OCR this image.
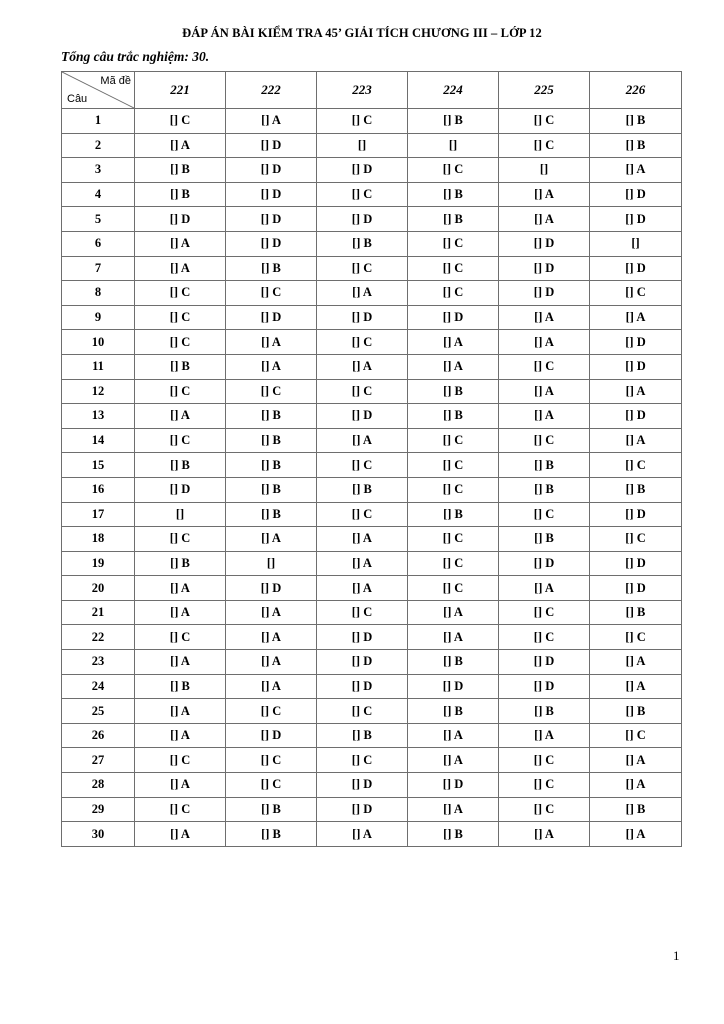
ĐÁP ÁN BÀI KIỂM TRA 45’ GIẢI TÍCH CHƯƠNG III – LỚP 12
Tổng câu trắc nghiệm: 30.
Mã đề
Câu	221	222	223	224	225	226
1	[] C	[] A	[] C	[] B	[] C	[] B
2	[] A	[] D	[]	[]	[] C	[] B
3	[] B	[] D	[] D	[] C	[]	[] A
4	[] B	[] D	[] C	[] B	[] A	[] D
5	[] D	[] D	[] D	[] B	[] A	[] D
6	[] A	[] D	[] B	[] C	[] D	[]
7	[] A	[] B	[] C	[] C	[] D	[] D
8	[] C	[] C	[] A	[] C	[] D	[] C
9	[] C	[] D	[] D	[] D	[] A	[] A
10	[] C	[] A	[] C	[] A	[] A	[] D
11	[] B	[] A	[] A	[] A	[] C	[] D
12	[] C	[] C	[] C	[] B	[] A	[] A
13	[] A	[] B	[] D	[] B	[] A	[] D
14	[] C	[] B	[] A	[] C	[] C	[] A
15	[] B	[] B	[] C	[] C	[] B	[] C
16	[] D	[] B	[] B	[] C	[] B	[] B
17	[]	[] B	[] C	[] B	[] C	[] D
18	[] C	[] A	[] A	[] C	[] B	[] C
19	[] B	[]	[] A	[] C	[] D	[] D
20	[] A	[] D	[] A	[] C	[] A	[] D
21	[] A	[] A	[] C	[] A	[] C	[] B
22	[] C	[] A	[] D	[] A	[] C	[] C
23	[] A	[] A	[] D	[] B	[] D	[] A
24	[] B	[] A	[] D	[] D	[] D	[] A
25	[] A	[] C	[] C	[] B	[] B	[] B
26	[] A	[] D	[] B	[] A	[] A	[] C
27	[] C	[] C	[] C	[] A	[] C	[] A
28	[] A	[] C	[] D	[] D	[] C	[] A
29	[] C	[] B	[] D	[] A	[] C	[] B
30	[] A	[] B	[] A	[] B	[] A	[] A
1
